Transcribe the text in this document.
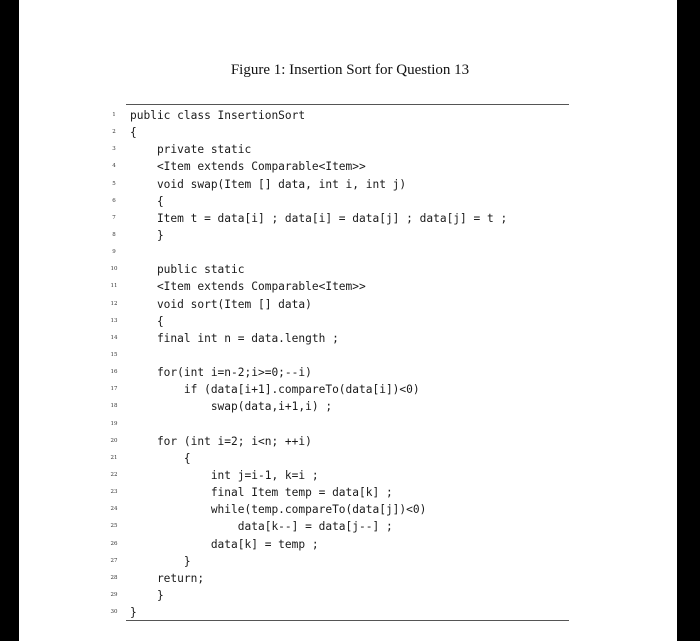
Figure 1: Insertion Sort for Question 13
1	public class InsertionSort
2	{
3	private static
4	<Item extends Comparable<Item>>
5	void swap(Item [] data, int i, int j)
6	{
7	Item t = data[i] ; data[i] = data[j] ; data[j] = t ;
8	}
9
10 public static
11 <Item extends Comparable<Item>>
12 void sort(Item [] data)
13 {
14 final int n = data.length ;
15
16 for(int i=n-2;i>=0;--i)
17 if (data[i+1].compareTo(data[i])<0)
18 swap(data,i+1,i) ;
19
20 for (int i=2; i<n; ++i)
21 {
22 int j=i-1, k=i ;
23 final Item temp = data[k] ;
24 while(temp.compareTo(data[j])<0)
25 data[k--] = data[j--] ;
26 data[k] = temp ;
27 }
28 return;
29 }
30 }
